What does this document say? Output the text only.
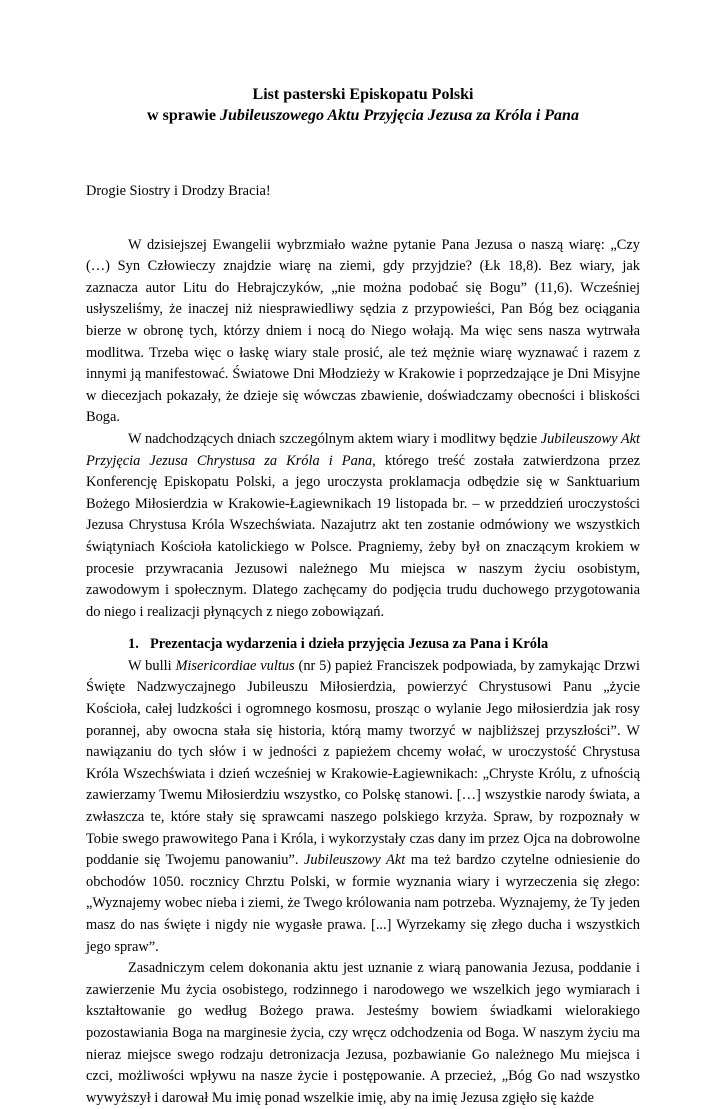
List pasterski Episkopatu Polski
w sprawie Jubileuszowego Aktu Przyjęcia Jezusa za Króla i Pana
Drogie Siostry i Drodzy Bracia!

W dzisiejszej Ewangelii wybrzmiało ważne pytanie Pana Jezusa o naszą wiarę: „Czy (…) Syn Człowieczy znajdzie wiarę na ziemi, gdy przyjdzie? (Łk 18,8). Bez wiary, jak zaznacza autor Litu do Hebrajczyków, „nie można podobać się Bogu” (11,6). Wcześniej usłyszeliśmy, że inaczej niż niesprawiedliwy sędzia z przypowieści, Pan Bóg bez ociągania bierze w obronę tych, którzy dniem i nocą do Niego wołają. Ma więc sens nasza wytrwała modlitwa. Trzeba więc o łaskę wiary stale prosić, ale też mężnie wiarę wyznawać i razem z innymi ją manifestować. Światowe Dni Młodzieży w Krakowie i poprzedzające je Dni Misyjne w diecezjach pokazały, że dzieje się wówczas zbawienie, doświadczamy obecności i bliskości Boga.

W nadchodzących dniach szczególnym aktem wiary i modlitwy będzie Jubileuszowy Akt Przyjęcia Jezusa Chrystusa za Króla i Pana, którego treść została zatwierdzona przez Konferencję Episkopatu Polski, a jego uroczysta proklamacja odbędzie się w Sanktuarium Bożego Miłosierdzia w Krakowie-Łagiewnikach 19 listopada br. – w przeddzień uroczystości Jezusa Chrystusa Króla Wszechświata. Nazajutrz akt ten zostanie odmówiony we wszystkich świątyniach Kościoła katolickiego w Polsce. Pragniemy, żeby był on znaczącym krokiem w procesie przywracania Jezusowi należnego Mu miejsca w naszym życiu osobistym, zawodowym i społecznym. Dlatego zachęcamy do podjęcia trudu duchowego przygotowania do niego i realizacji płynących z niego zobowiązań.

1. Prezentacja wydarzenia i dzieła przyjęcia Jezusa za Pana i Króla

W bulli Misericordiae vultus (nr 5) papież Franciszek podpowiada, by zamykając Drzwi Święte Nadzwyczajnego Jubileuszu Miłosierdzia, powierzyć Chrystusowi Panu „życie Kościoła, całej ludzkości i ogromnego kosmosu, prosząc o wylanie Jego miłosierdzia jak rosy porannej, aby owocna stała się historia, którą mamy tworzyć w najbliższej przyszłości”. W nawiązaniu do tych słów i w jedności z papieżem chcemy wołać, w uroczystość Chrystusa Króla Wszechświata i dzień wcześniej w Krakowie-Łagiewnikach: „Chryste Królu, z ufnością zawierzamy Twemu Miłosierdziu wszystko, co Polskę stanowi. […] wszystkie narody świata, a zwłaszcza te, które stały się sprawcami naszego polskiego krzyża. Spraw, by rozpoznały w Tobie swego prawowitego Pana i Króla, i wykorzystały czas dany im przez Ojca na dobrowolne poddanie się Twojemu panowaniu”. Jubileuszowy Akt ma też bardzo czytelne odniesienie do obchodów 1050. rocznicy Chrztu Polski, w formie wyznania wiary i wyrzeczenia się złego: „Wyznajemy wobec nieba i ziemi, że Twego królowania nam potrzeba. Wyznajemy, że Ty jeden masz do nas święte i nigdy nie wygasłe prawa. [...] Wyrzekamy się złego ducha i wszystkich jego spraw”.

Zasadniczym celem dokonania aktu jest uznanie z wiarą panowania Jezusa, poddanie i zawierzenie Mu życia osobistego, rodzinnego i narodowego we wszelkich jego wymiarach i kształtowanie go według Bożego prawa. Jesteśmy bowiem świadkami wielorakiego pozostawiania Boga na marginesie życia, czy wręcz odchodzenia od Boga. W naszym życiu ma nieraz miejsce swego rodzaju detronizacja Jezusa, pozbawianie Go należnego Mu miejsca i czci, możliwości wpływu na nasze życie i postępowanie. A przecież, „Bóg Go nad wszystko wywyższył i darował Mu imię ponad wszelkie imię, aby na imię Jezusa zgięło się każde
